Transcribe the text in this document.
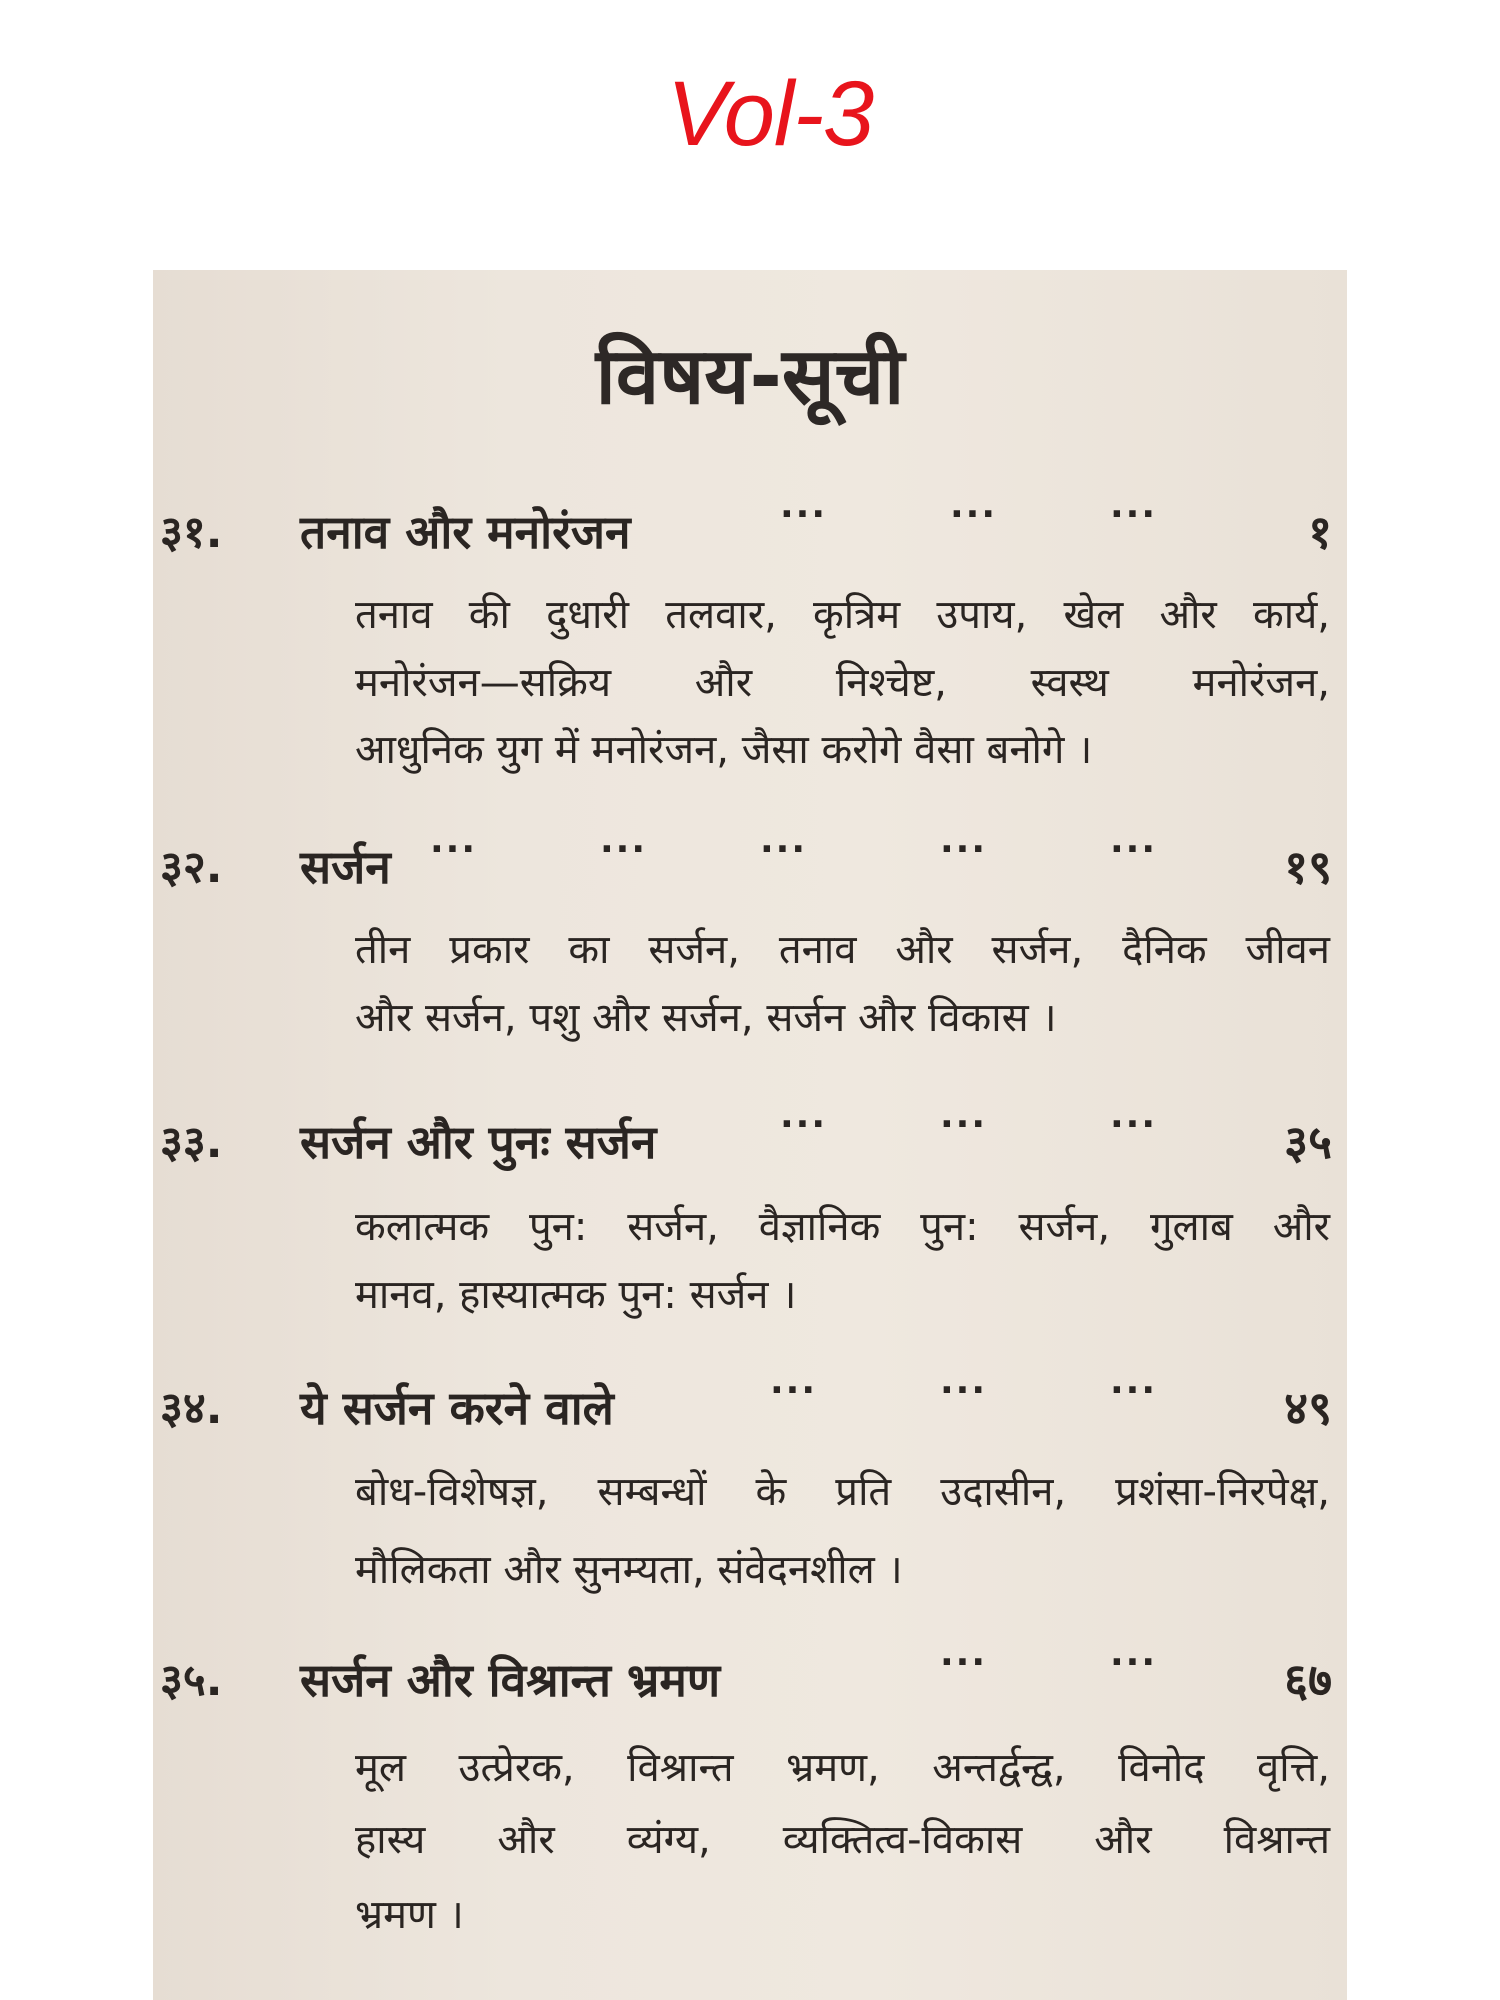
Vol-3
विषय-सूची
३१. तनाव और मनोरंजन	···	···	···	१
तनाव की दुधारी तलवार, कृत्रिम उपाय, खेल और कार्य,
मनोरंजन—सक्रिय और निश्चेष्ट, स्वस्थ मनोरंजन,
आधुनिक युग में मनोरंजन, जैसा करोगे वैसा बनोगे ।
३२. सर्जन ···	···	···	···	···	१९
तीन प्रकार का सर्जन, तनाव और सर्जन, दैनिक जीवन
और सर्जन, पशु और सर्जन, सर्जन और विकास ।
३३. सर्जन और पुनः सर्जन	···	···	···	३५
कलात्मक पुन: सर्जन, वैज्ञानिक पुन: सर्जन, गुलाब और
मानव, हास्यात्मक पुन: सर्जन ।
३४. ये सर्जन करने वाले	···	···	···	४९
बोध-विशेषज्ञ, सम्बन्धों के प्रति उदासीन, प्रशंसा-निरपेक्ष,
मौलिकता और सुनम्यता, संवेदनशील ।
३५. सर्जन और विश्रान्त भ्रमण	···	···	६७
मूल उत्प्रेरक, विश्रान्त भ्रमण, अन्तर्द्वन्द्व, विनोद वृत्ति,
हास्य और व्यंग्य, व्यक्तित्व-विकास और विश्रान्त
भ्रमण ।
